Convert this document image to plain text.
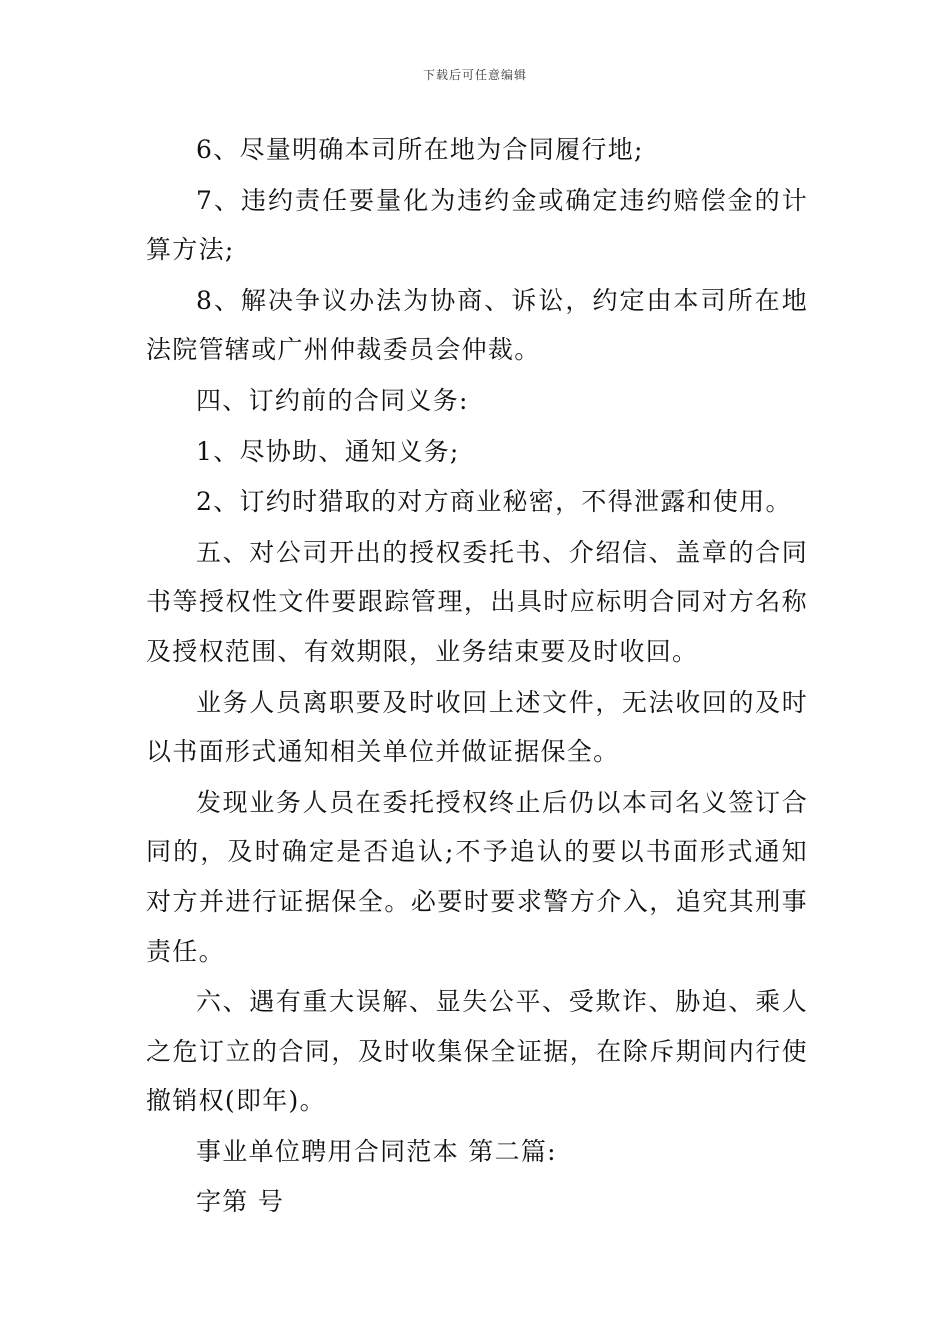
下载后可任意编辑

6、尽量明确本司所在地为合同履行地;

7、违约责任要量化为违约金或确定违约赔偿金的计算方法;

8、解决争议办法为协商、诉讼，约定由本司所在地法院管辖或广州仲裁委员会仲裁。

四、订约前的合同义务:

1、尽协助、通知义务;

2、订约时猎取的对方商业秘密，不得泄露和使用。

五、对公司开出的授权委托书、介绍信、盖章的合同书等授权性文件要跟踪管理，出具时应标明合同对方名称及授权范围、有效期限，业务结束要及时收回。

业务人员离职要及时收回上述文件，无法收回的及时以书面形式通知相关单位并做证据保全。

发现业务人员在委托授权终止后仍以本司名义签订合同的，及时确定是否追认;不予追认的要以书面形式通知对方并进行证据保全。必要时要求警方介入，追究其刑事责任。

六、遇有重大误解、显失公平、受欺诈、胁迫、乘人之危订立的合同，及时收集保全证据，在除斥期间内行使撤销权(即年)。

事业单位聘用合同范本 第二篇:

字第 号
